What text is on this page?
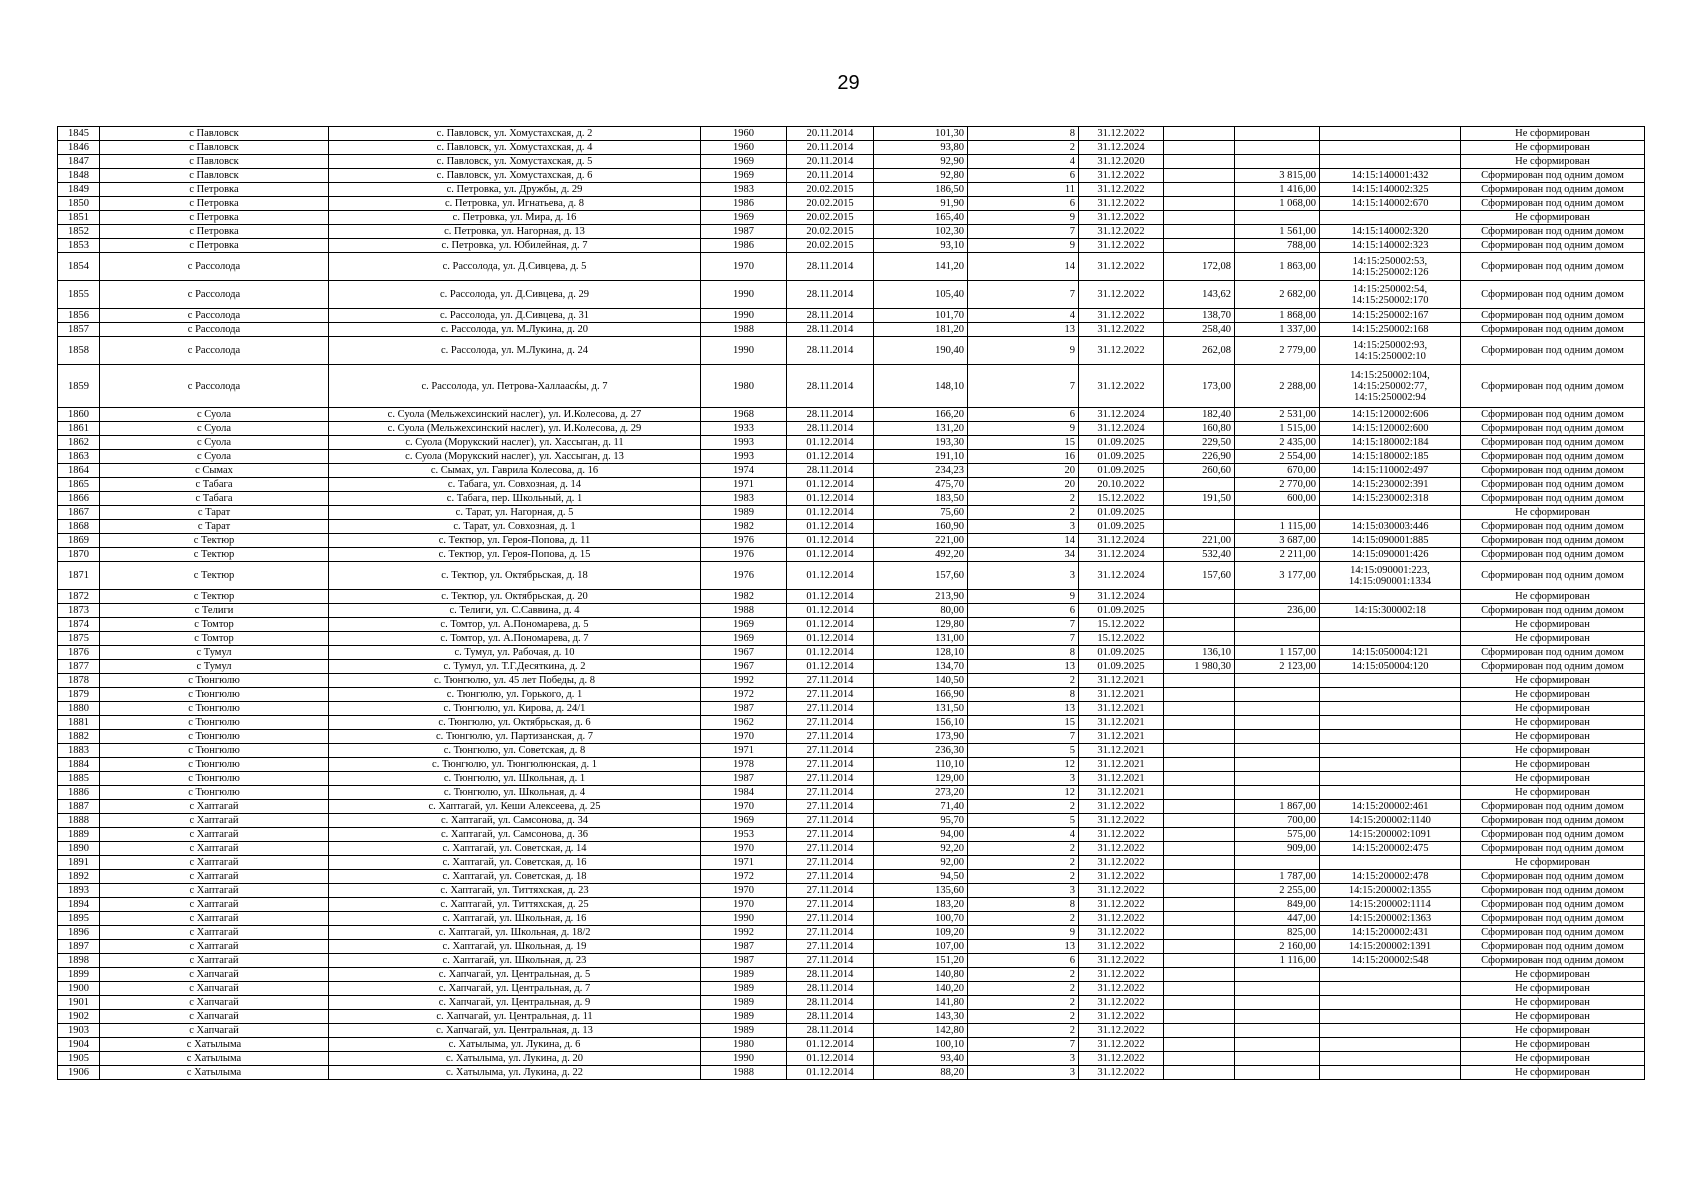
29
1845	с Павловск	с. Павловск, ул. Хомустахская, д. 2	1960	20.11.2014	101,30	8	31.12.2022				Не сформирован
1846	с Павловск	с. Павловск, ул. Хомустахская, д. 4	1960	20.11.2014	93,80	2	31.12.2024				Не сформирован
1847	с Павловск	с. Павловск, ул. Хомустахская, д. 5	1969	20.11.2014	92,90	4	31.12.2020				Не сформирован
1848	с Павловск	с. Павловск, ул. Хомустахская, д. 6	1969	20.11.2014	92,80	6	31.12.2022		3 815,00	14:15:140001:432	Сформирован под одним домом
1849	с Петровка	с. Петровка, ул. Дружбы, д. 29	1983	20.02.2015	186,50	11	31.12.2022		1 416,00	14:15:140002:325	Сформирован под одним домом
1850	с Петровка	с. Петровка, ул. Игнатьева, д. 8	1986	20.02.2015	91,90	6	31.12.2022		1 068,00	14:15:140002:670	Сформирован под одним домом
1851	с Петровка	с. Петровка, ул. Мира, д. 16	1969	20.02.2015	165,40	9	31.12.2022				Не сформирован
1852	с Петровка	с. Петровка, ул. Нагорная, д. 13	1987	20.02.2015	102,30	7	31.12.2022		1 561,00	14:15:140002:320	Сформирован под одним домом
1853	с Петровка	с. Петровка, ул. Юбилейная, д. 7	1986	20.02.2015	93,10	9	31.12.2022		788,00	14:15:140002:323	Сформирован под одним домом
1854	с Рассолода	с. Рассолода, ул. Д.Сивцева, д. 5	1970	28.11.2014	141,20	14	31.12.2022	172,08	1 863,00	14:15:250002:53,
14:15:250002:126	Сформирован под одним домом
1855	с Рассолода	с. Рассолода, ул. Д.Сивцева, д. 29	1990	28.11.2014	105,40	7	31.12.2022	143,62	2 682,00	14:15:250002:54,
14:15:250002:170	Сформирован под одним домом
1856	с Рассолода	с. Рассолода, ул. Д.Сивцева, д. 31	1990	28.11.2014	101,70	4	31.12.2022	138,70	1 868,00	14:15:250002:167	Сформирован под одним домом
1857	с Рассолода	с. Рассолода, ул. М.Лукина, д. 20	1988	28.11.2014	181,20	13	31.12.2022	258,40	1 337,00	14:15:250002:168	Сформирован под одним домом
1858	с Рассолода	с. Рассолода, ул. М.Лукина, д. 24	1990	28.11.2014	190,40	9	31.12.2022	262,08	2 779,00	14:15:250002:93,
14:15:250002:10	Сформирован под одним домом
1859	с Рассолода	с. Рассолода, ул. Петрова-Халлаасќы, д. 7	1980	28.11.2014	148,10	7	31.12.2022	173,00	2 288,00	14:15:250002:104,
14:15:250002:77,
14:15:250002:94	Сформирован под одним домом
1860	с Суола	с. Суола (Мельжехсинский наслег), ул. И.Колесова, д. 27	1968	28.11.2014	166,20	6	31.12.2024	182,40	2 531,00	14:15:120002:606	Сформирован под одним домом
1861	с Суола	с. Суола (Мельжехсинский наслег), ул. И.Колесова, д. 29	1933	28.11.2014	131,20	9	31.12.2024	160,80	1 515,00	14:15:120002:600	Сформирован под одним домом
1862	с Суола	с. Суола (Морукский наслег), ул. Хассыган, д. 11	1993	01.12.2014	193,30	15	01.09.2025	229,50	2 435,00	14:15:180002:184	Сформирован под одним домом
1863	с Суола	с. Суола (Морукский наслег), ул. Хассыган, д. 13	1993	01.12.2014	191,10	16	01.09.2025	226,90	2 554,00	14:15:180002:185	Сформирован под одним домом
1864	с Сымах	с. Сымах, ул. Гаврила Колесова, д. 16	1974	28.11.2014	234,23	20	01.09.2025	260,60	670,00	14:15:110002:497	Сформирован под одним домом
1865	с Табага	с. Табага, ул. Совхозная, д. 14	1971	01.12.2014	475,70	20	20.10.2022		2 770,00	14:15:230002:391	Сформирован под одним домом
1866	с Табага	с. Табага, пер. Школьный, д. 1	1983	01.12.2014	183,50	2	15.12.2022	191,50	600,00	14:15:230002:318	Сформирован под одним домом
1867	с Тарат	с. Тарат, ул. Нагорная, д. 5	1989	01.12.2014	75,60	2	01.09.2025				Не сформирован
1868	с Тарат	с. Тарат, ул. Совхозная, д. 1	1982	01.12.2014	160,90	3	01.09.2025		1 115,00	14:15:030003:446	Сформирован под одним домом
1869	с Тектюр	с. Тектюр, ул. Героя-Попова, д. 11	1976	01.12.2014	221,00	14	31.12.2024	221,00	3 687,00	14:15:090001:885	Сформирован под одним домом
1870	с Тектюр	с. Тектюр, ул. Героя-Попова, д. 15	1976	01.12.2014	492,20	34	31.12.2024	532,40	2 211,00	14:15:090001:426	Сформирован под одним домом
1871	с Тектюр	с. Тектюр, ул. Октябрьская, д. 18	1976	01.12.2014	157,60	3	31.12.2024	157,60	3 177,00	14:15:090001:223,
14:15:090001:1334	Сформирован под одним домом
1872	с Тектюр	с. Тектюр, ул. Октябрьская, д. 20	1982	01.12.2014	213,90	9	31.12.2024				Не сформирован
1873	с Телиги	с. Телиги, ул. С.Саввина, д. 4	1988	01.12.2014	80,00	6	01.09.2025		236,00	14:15:300002:18	Сформирован под одним домом
1874	с Томтор	с. Томтор, ул. А.Пономарева, д. 5	1969	01.12.2014	129,80	7	15.12.2022				Не сформирован
1875	с Томтор	с. Томтор, ул. А.Пономарева, д. 7	1969	01.12.2014	131,00	7	15.12.2022				Не сформирован
1876	с Тумул	с. Тумул, ул. Рабочая, д. 10	1967	01.12.2014	128,10	8	01.09.2025	136,10	1 157,00	14:15:050004:121	Сформирован под одним домом
1877	с Тумул	с. Тумул, ул. Т.Г.Десяткина, д. 2	1967	01.12.2014	134,70	13	01.09.2025	1 980,30	2 123,00	14:15:050004:120	Сформирован под одним домом
1878	с Тюнгюлю	с. Тюнгюлю, ул. 45 лет Победы, д. 8	1992	27.11.2014	140,50	2	31.12.2021				Не сформирован
1879	с Тюнгюлю	с. Тюнгюлю, ул. Горького, д. 1	1972	27.11.2014	166,90	8	31.12.2021				Не сформирован
1880	с Тюнгюлю	с. Тюнгюлю, ул. Кирова, д. 24/1	1987	27.11.2014	131,50	13	31.12.2021				Не сформирован
1881	с Тюнгюлю	с. Тюнгюлю, ул. Октябрьская, д. 6	1962	27.11.2014	156,10	15	31.12.2021				Не сформирован
1882	с Тюнгюлю	с. Тюнгюлю, ул. Партизанская, д. 7	1970	27.11.2014	173,90	7	31.12.2021				Не сформирован
1883	с Тюнгюлю	с. Тюнгюлю, ул. Советская, д. 8	1971	27.11.2014	236,30	5	31.12.2021				Не сформирован
1884	с Тюнгюлю	с. Тюнгюлю, ул. Тюнгюлюнская, д. 1	1978	27.11.2014	110,10	12	31.12.2021				Не сформирован
1885	с Тюнгюлю	с. Тюнгюлю, ул. Школьная, д. 1	1987	27.11.2014	129,00	3	31.12.2021				Не сформирован
1886	с Тюнгюлю	с. Тюнгюлю, ул. Школьная, д. 4	1984	27.11.2014	273,20	12	31.12.2021				Не сформирован
1887	с Хаптагай	с. Хаптагай, ул. Кеши Алексеева, д. 25	1970	27.11.2014	71,40	2	31.12.2022		1 867,00	14:15:200002:461	Сформирован под одним домом
1888	с Хаптагай	с. Хаптагай, ул. Самсонова, д. 34	1969	27.11.2014	95,70	5	31.12.2022		700,00	14:15:200002:1140	Сформирован под одним домом
1889	с Хаптагай	с. Хаптагай, ул. Самсонова, д. 36	1953	27.11.2014	94,00	4	31.12.2022		575,00	14:15:200002:1091	Сформирован под одним домом
1890	с Хаптагай	с. Хаптагай, ул. Советская, д. 14	1970	27.11.2014	92,20	2	31.12.2022		909,00	14:15:200002:475	Сформирован под одним домом
1891	с Хаптагай	с. Хаптагай, ул. Советская, д. 16	1971	27.11.2014	92,00	2	31.12.2022				Не сформирован
1892	с Хаптагай	с. Хаптагай, ул. Советская, д. 18	1972	27.11.2014	94,50	2	31.12.2022		1 787,00	14:15:200002:478	Сформирован под одним домом
1893	с Хаптагай	с. Хаптагай, ул. Титтяхская, д. 23	1970	27.11.2014	135,60	3	31.12.2022		2 255,00	14:15:200002:1355	Сформирован под одним домом
1894	с Хаптагай	с. Хаптагай, ул. Титтяхская, д. 25	1970	27.11.2014	183,20	8	31.12.2022		849,00	14:15:200002:1114	Сформирован под одним домом
1895	с Хаптагай	с. Хаптагай, ул. Школьная, д. 16	1990	27.11.2014	100,70	2	31.12.2022		447,00	14:15:200002:1363	Сформирован под одним домом
1896	с Хаптагай	с. Хаптагай, ул. Школьная, д. 18/2	1992	27.11.2014	109,20	9	31.12.2022		825,00	14:15:200002:431	Сформирован под одним домом
1897	с Хаптагай	с. Хаптагай, ул. Школьная, д. 19	1987	27.11.2014	107,00	13	31.12.2022		2 160,00	14:15:200002:1391	Сформирован под одним домом
1898	с Хаптагай	с. Хаптагай, ул. Школьная, д. 23	1987	27.11.2014	151,20	6	31.12.2022		1 116,00	14:15:200002:548	Сформирован под одним домом
1899	с Хапчагай	с. Хапчагай, ул. Центральная, д. 5	1989	28.11.2014	140,80	2	31.12.2022				Не сформирован
1900	с Хапчагай	с. Хапчагай, ул. Центральная, д. 7	1989	28.11.2014	140,20	2	31.12.2022				Не сформирован
1901	с Хапчагай	с. Хапчагай, ул. Центральная, д. 9	1989	28.11.2014	141,80	2	31.12.2022				Не сформирован
1902	с Хапчагай	с. Хапчагай, ул. Центральная, д. 11	1989	28.11.2014	143,30	2	31.12.2022				Не сформирован
1903	с Хапчагай	с. Хапчагай, ул. Центральная, д. 13	1989	28.11.2014	142,80	2	31.12.2022				Не сформирован
1904	с Хатылыма	с. Хатылыма, ул. Лукина, д. 6	1980	01.12.2014	100,10	7	31.12.2022				Не сформирован
1905	с Хатылыма	с. Хатылыма, ул. Лукина, д. 20	1990	01.12.2014	93,40	3	31.12.2022				Не сформирован
1906	с Хатылыма	с. Хатылыма, ул. Лукина, д. 22	1988	01.12.2014	88,20	3	31.12.2022				Не сформирован
